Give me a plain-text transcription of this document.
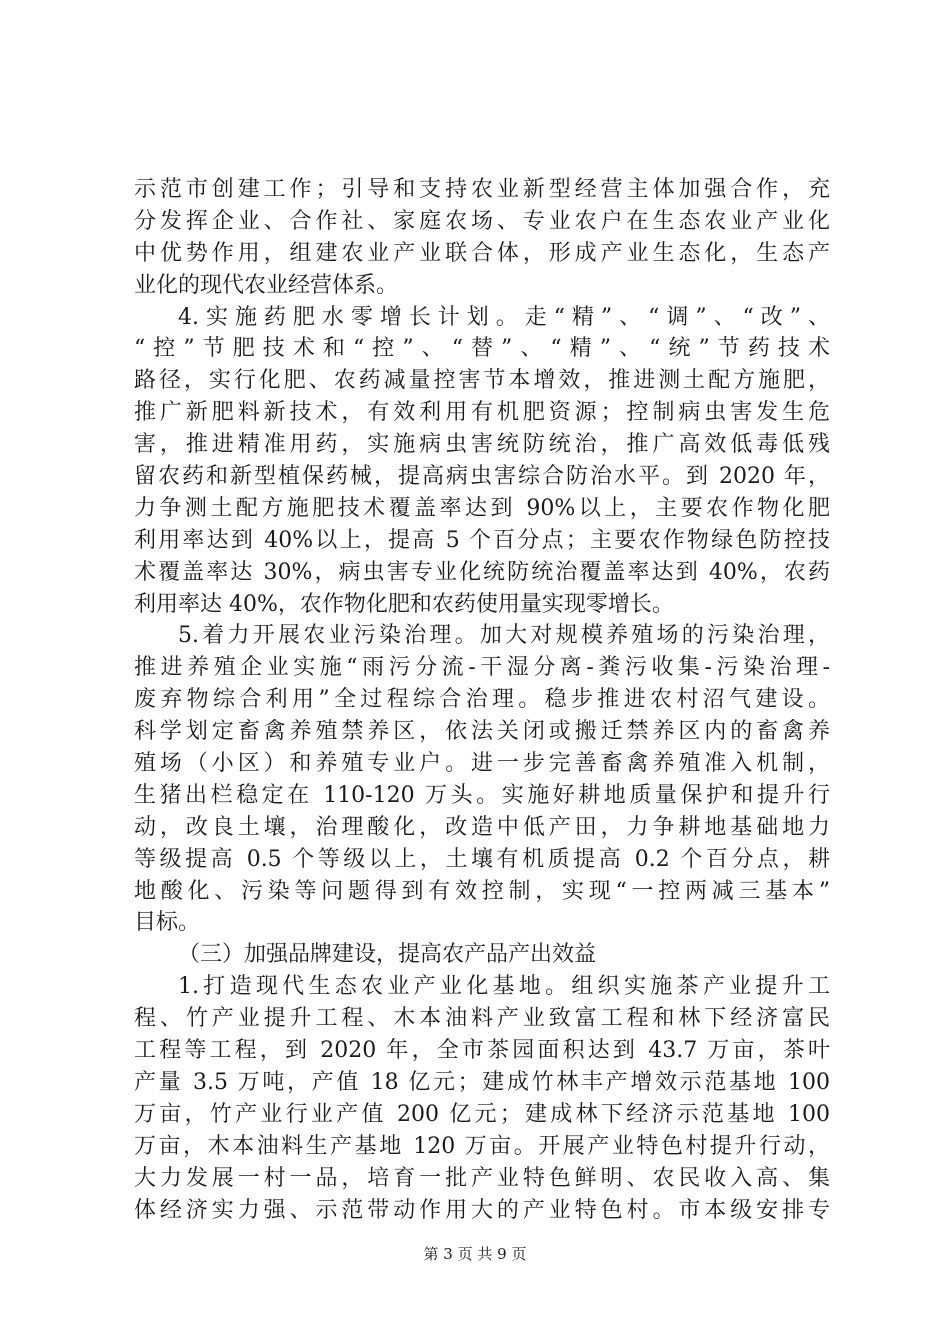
示范市创建工作；引导和支持农业新型经营主体加强合作，充
分发挥企业、合作社、家庭农场、专业农户在生态农业产业化
中优势作用，组建农业产业联合体，形成产业生态化，生态产
业化的现代农业经营体系。
4.实施药肥水零增长计划。走“精”、“调”、“改”、
“控”节肥技术和“控”、“替”、“精”、“统”节药技术
路径，实行化肥、农药减量控害节本增效，推进测土配方施肥，
推广新肥料新技术，有效利用有机肥资源；控制病虫害发生危
害，推进精准用药，实施病虫害统防统治，推广高效低毒低残
留农药和新型植保药械，提高病虫害综合防治水平。到 2020 年，
力争测土配方施肥技术覆盖率达到 90%以上，主要农作物化肥
利用率达到 40%以上，提高 5 个百分点；主要农作物绿色防控技
术覆盖率达 30%，病虫害专业化统防统治覆盖率达到 40%，农药
利用率达 40%，农作物化肥和农药使用量实现零增长。
5.着力开展农业污染治理。加大对规模养殖场的污染治理，
推进养殖企业实施“雨污分流-干湿分离-粪污收集-污染治理-
废弃物综合利用”全过程综合治理。稳步推进农村沼气建设。
科学划定畜禽养殖禁养区，依法关闭或搬迁禁养区内的畜禽养
殖场（小区）和养殖专业户。进一步完善畜禽养殖准入机制，
生猪出栏稳定在 110-120 万头。实施好耕地质量保护和提升行
动，改良土壤，治理酸化，改造中低产田，力争耕地基础地力
等级提高 0.5 个等级以上，土壤有机质提高 0.2 个百分点，耕
地酸化、污染等问题得到有效控制，实现“一控两减三基本”
目标。
（三）加强品牌建设，提高农产品产出效益
1.打造现代生态农业产业化基地。组织实施茶产业提升工
程、竹产业提升工程、木本油料产业致富工程和林下经济富民
工程等工程，到 2020 年，全市茶园面积达到 43.7 万亩，茶叶
产量 3.5 万吨，产值 18 亿元；建成竹林丰产增效示范基地 100
万亩，竹产业行业产值 200 亿元；建成林下经济示范基地 100
万亩，木本油料生产基地 120 万亩。开展产业特色村提升行动，
大力发展一村一品，培育一批产业特色鲜明、农民收入高、集
体经济实力强、示范带动作用大的产业特色村。市本级安排专
第 3 页 共 9 页
